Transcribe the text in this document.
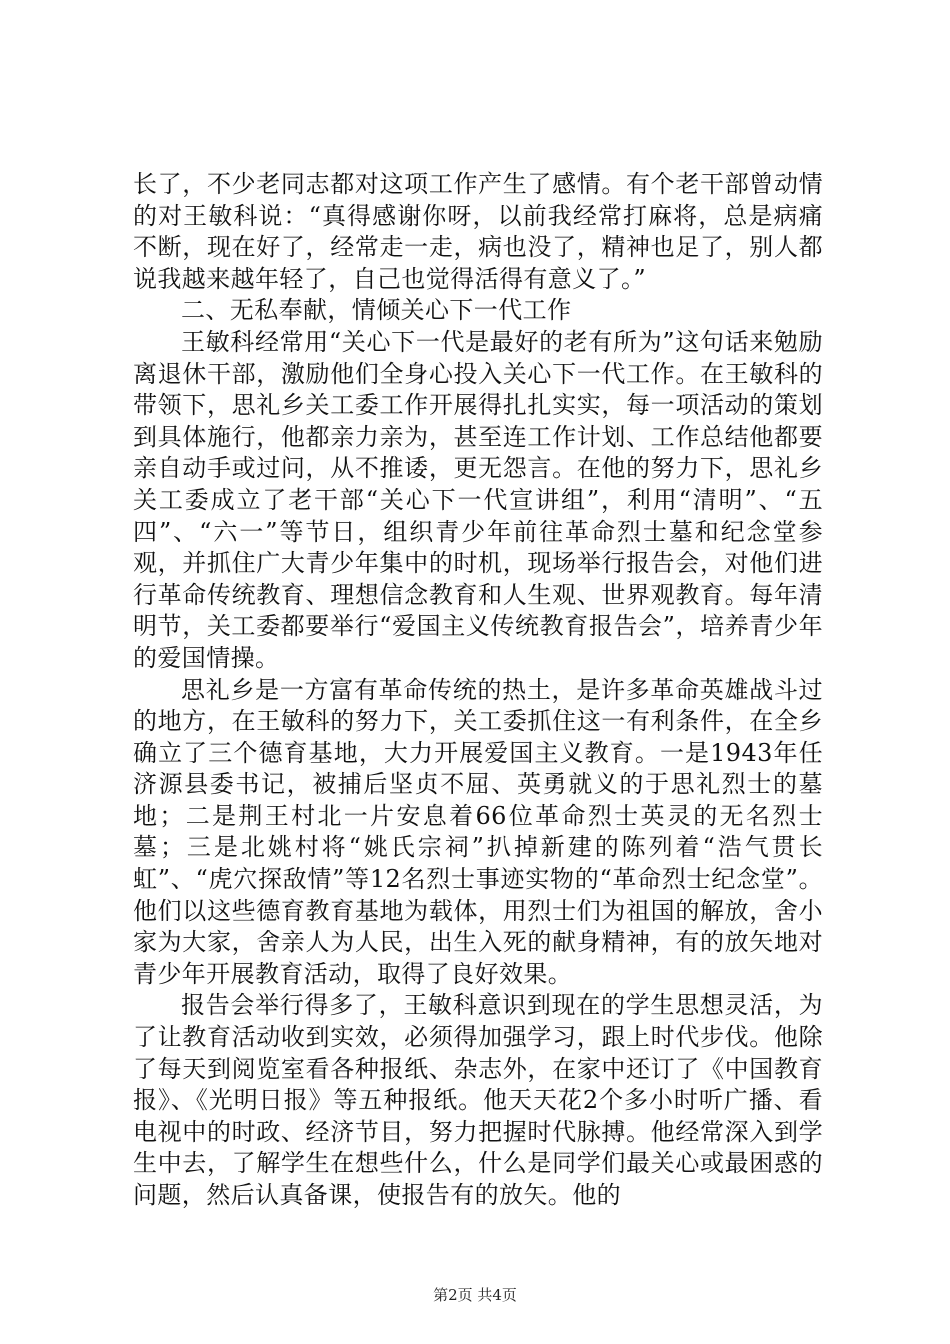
长了，不少老同志都对这项工作产生了感情。有个老干部曾动情的对王敏科说：“真得感谢你呀，以前我经常打麻将，总是病痛不断，现在好了，经常走一走，病也没了，精神也足了，别人都说我越来越年轻了，自己也觉得活得有意义了。”

二、无私奉献，情倾关心下一代工作

王敏科经常用“关心下一代是最好的老有所为”这句话来勉励离退休干部，激励他们全身心投入关心下一代工作。在王敏科的带领下，思礼乡关工委工作开展得扎扎实实，每一项活动的策划到具体施行，他都亲力亲为，甚至连工作计划、工作总结他都要亲自动手或过问，从不推诿，更无怨言。在他的努力下，思礼乡关工委成立了老干部“关心下一代宣讲组”，利用“清明”、“五四”、“六一”等节日，组织青少年前往革命烈士墓和纪念堂参观，并抓住广大青少年集中的时机，现场举行报告会，对他们进行革命传统教育、理想信念教育和人生观、世界观教育。每年清明节，关工委都要举行“爱国主义传统教育报告会”，培养青少年的爱国情操。

思礼乡是一方富有革命传统的热土，是许多革命英雄战斗过的地方，在王敏科的努力下，关工委抓住这一有利条件，在全乡确立了三个德育基地，大力开展爱国主义教育。一是1943年任济源县委书记，被捕后坚贞不屈、英勇就义的于思礼烈士的墓地；二是荆王村北一片安息着66位革命烈士英灵的无名烈士墓；三是北姚村将“姚氏宗祠”扒掉新建的陈列着“浩气贯长虹”、“虎穴探敌情”等12名烈士事迹实物的“革命烈士纪念堂”。他们以这些德育教育基地为载体，用烈士们为祖国的解放，舍小家为大家，舍亲人为人民，出生入死的献身精神，有的放矢地对青少年开展教育活动，取得了良好效果。

报告会举行得多了，王敏科意识到现在的学生思想灵活，为了让教育活动收到实效，必须得加强学习，跟上时代步伐。他除了每天到阅览室看各种报纸、杂志外，在家中还订了《中国教育报》、《光明日报》等五种报纸。他天天花2个多小时听广播、看电视中的时政、经济节目，努力把握时代脉搏。他经常深入到学生中去，了解学生在想些什么，什么是同学们最关心或最困惑的问题，然后认真备课，使报告有的放矢。他的

第2页 共4页
